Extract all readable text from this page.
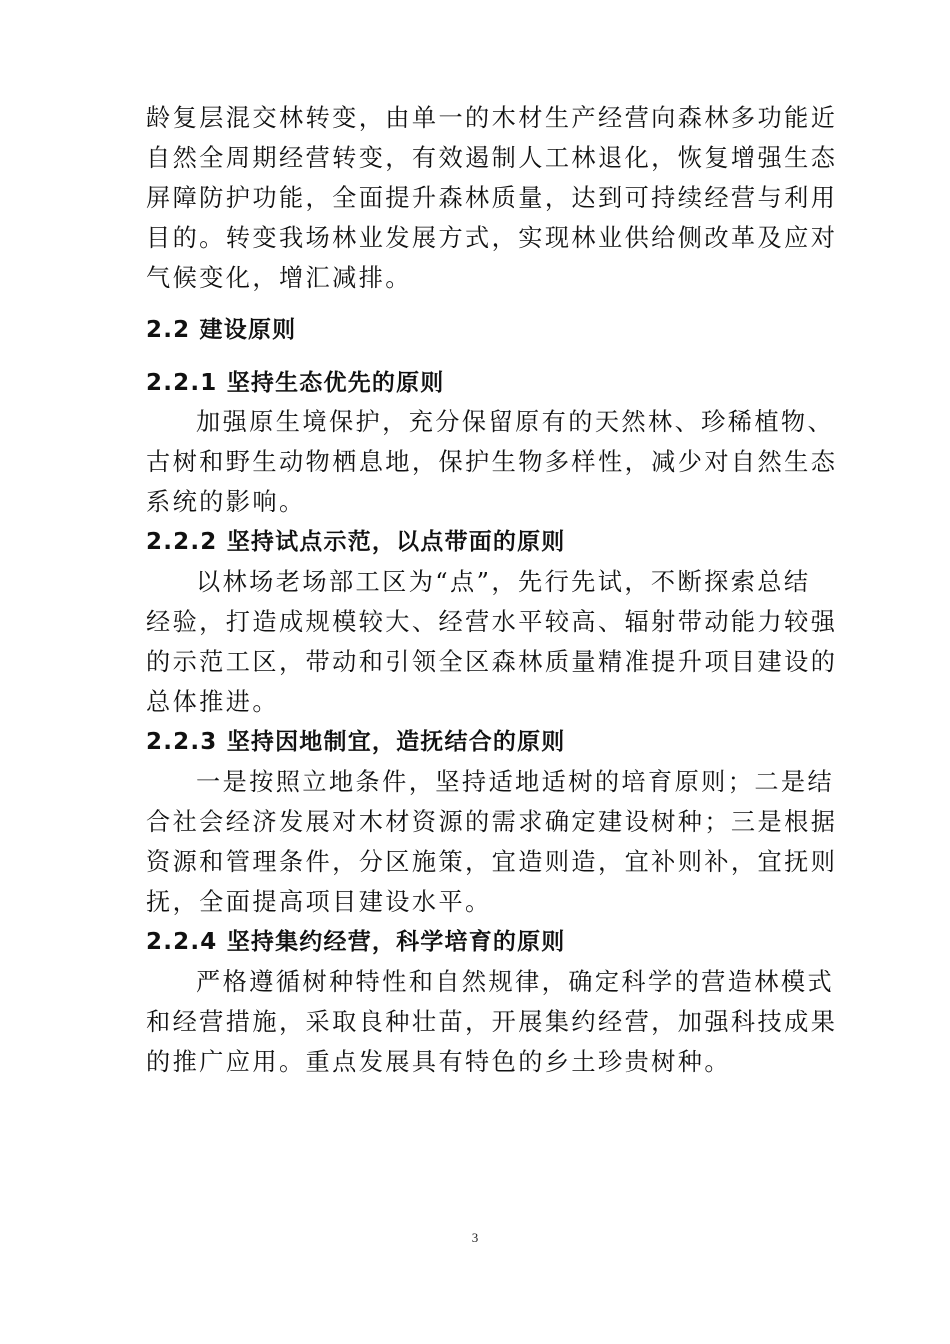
龄复层混交林转变，由单一的木材生产经营向森林多功能近
自然全周期经营转变，有效遏制人工林退化，恢复增强生态
屏障防护功能，全面提升森林质量，达到可持续经营与利用
目的。转变我场林业发展方式，实现林业供给侧改革及应对
气候变化，增汇减排。
2.2 建设原则
2.2.1 坚持生态优先的原则
加强原生境保护，充分保留原有的天然林、珍稀植物、
古树和野生动物栖息地，保护生物多样性，减少对自然生态
系统的影响。
2.2.2 坚持试点示范，以点带面的原则
以林场老场部工区为“点”，先行先试，不断探索总结
经验，打造成规模较大、经营水平较高、辐射带动能力较强
的示范工区，带动和引领全区森林质量精准提升项目建设的
总体推进。
2.2.3 坚持因地制宜，造抚结合的原则
一是按照立地条件，坚持适地适树的培育原则；二是结
合社会经济发展对木材资源的需求确定建设树种；三是根据
资源和管理条件，分区施策，宜造则造，宜补则补，宜抚则
抚，全面提高项目建设水平。
2.2.4 坚持集约经营，科学培育的原则
严格遵循树种特性和自然规律，确定科学的营造林模式
和经营措施，采取良种壮苗，开展集约经营，加强科技成果
的推广应用。重点发展具有特色的乡土珍贵树种。
3
